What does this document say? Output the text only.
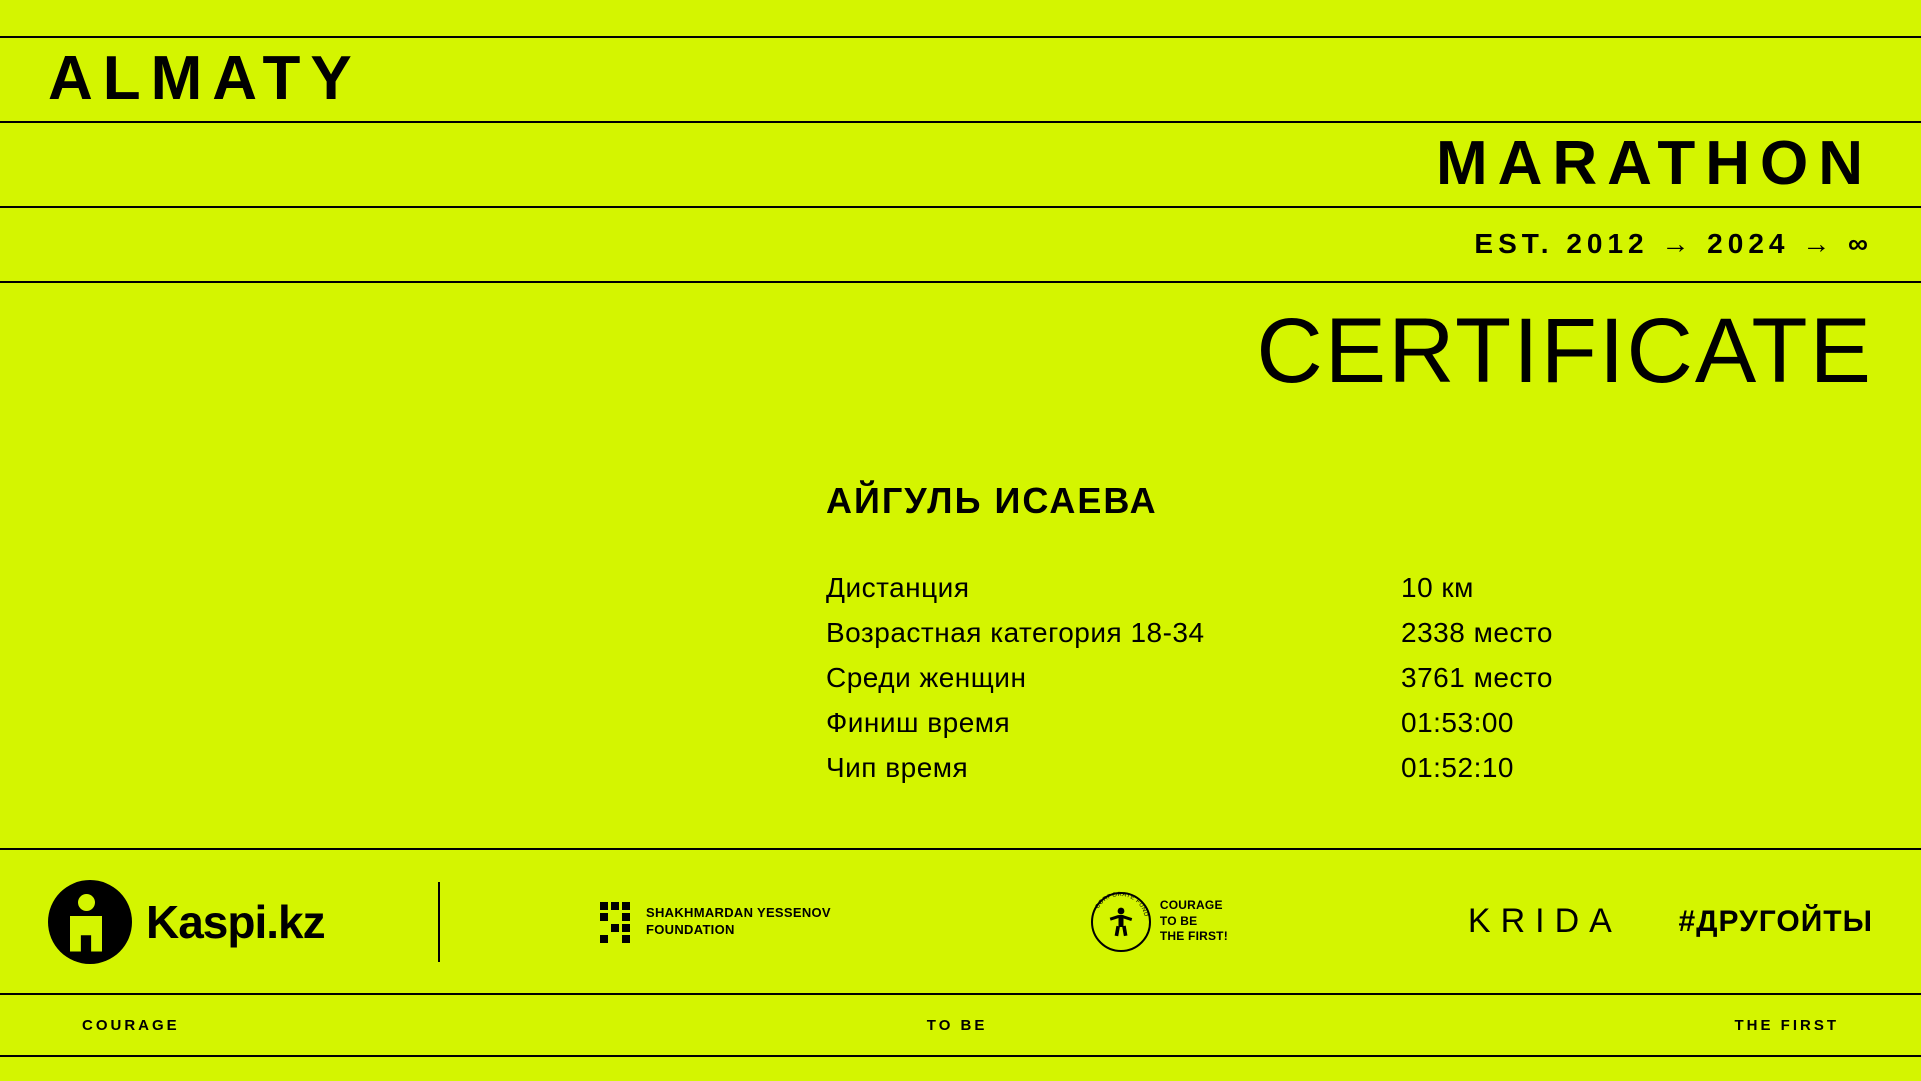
ALMATY
MARATHON
EST. 2012 → 2024 → ∞
CERTIFICATE
АЙГУЛЬ ИСАЕВА
Дистанция	10 км
Возрастная категория 18-34	2338 место
Среди женщин	3761 место
Финиш время	01:53:00
Чип время	01:52:10
Kaspi.kz	SHAKHMARDAN YESSENOV
FOUNDATION
CORPORATE FUND
COURAGE
TO BE
THE FIRST!	KRIDA #ДРУГОЙТЫ
COURAGE	TO BE	THE FIRST
